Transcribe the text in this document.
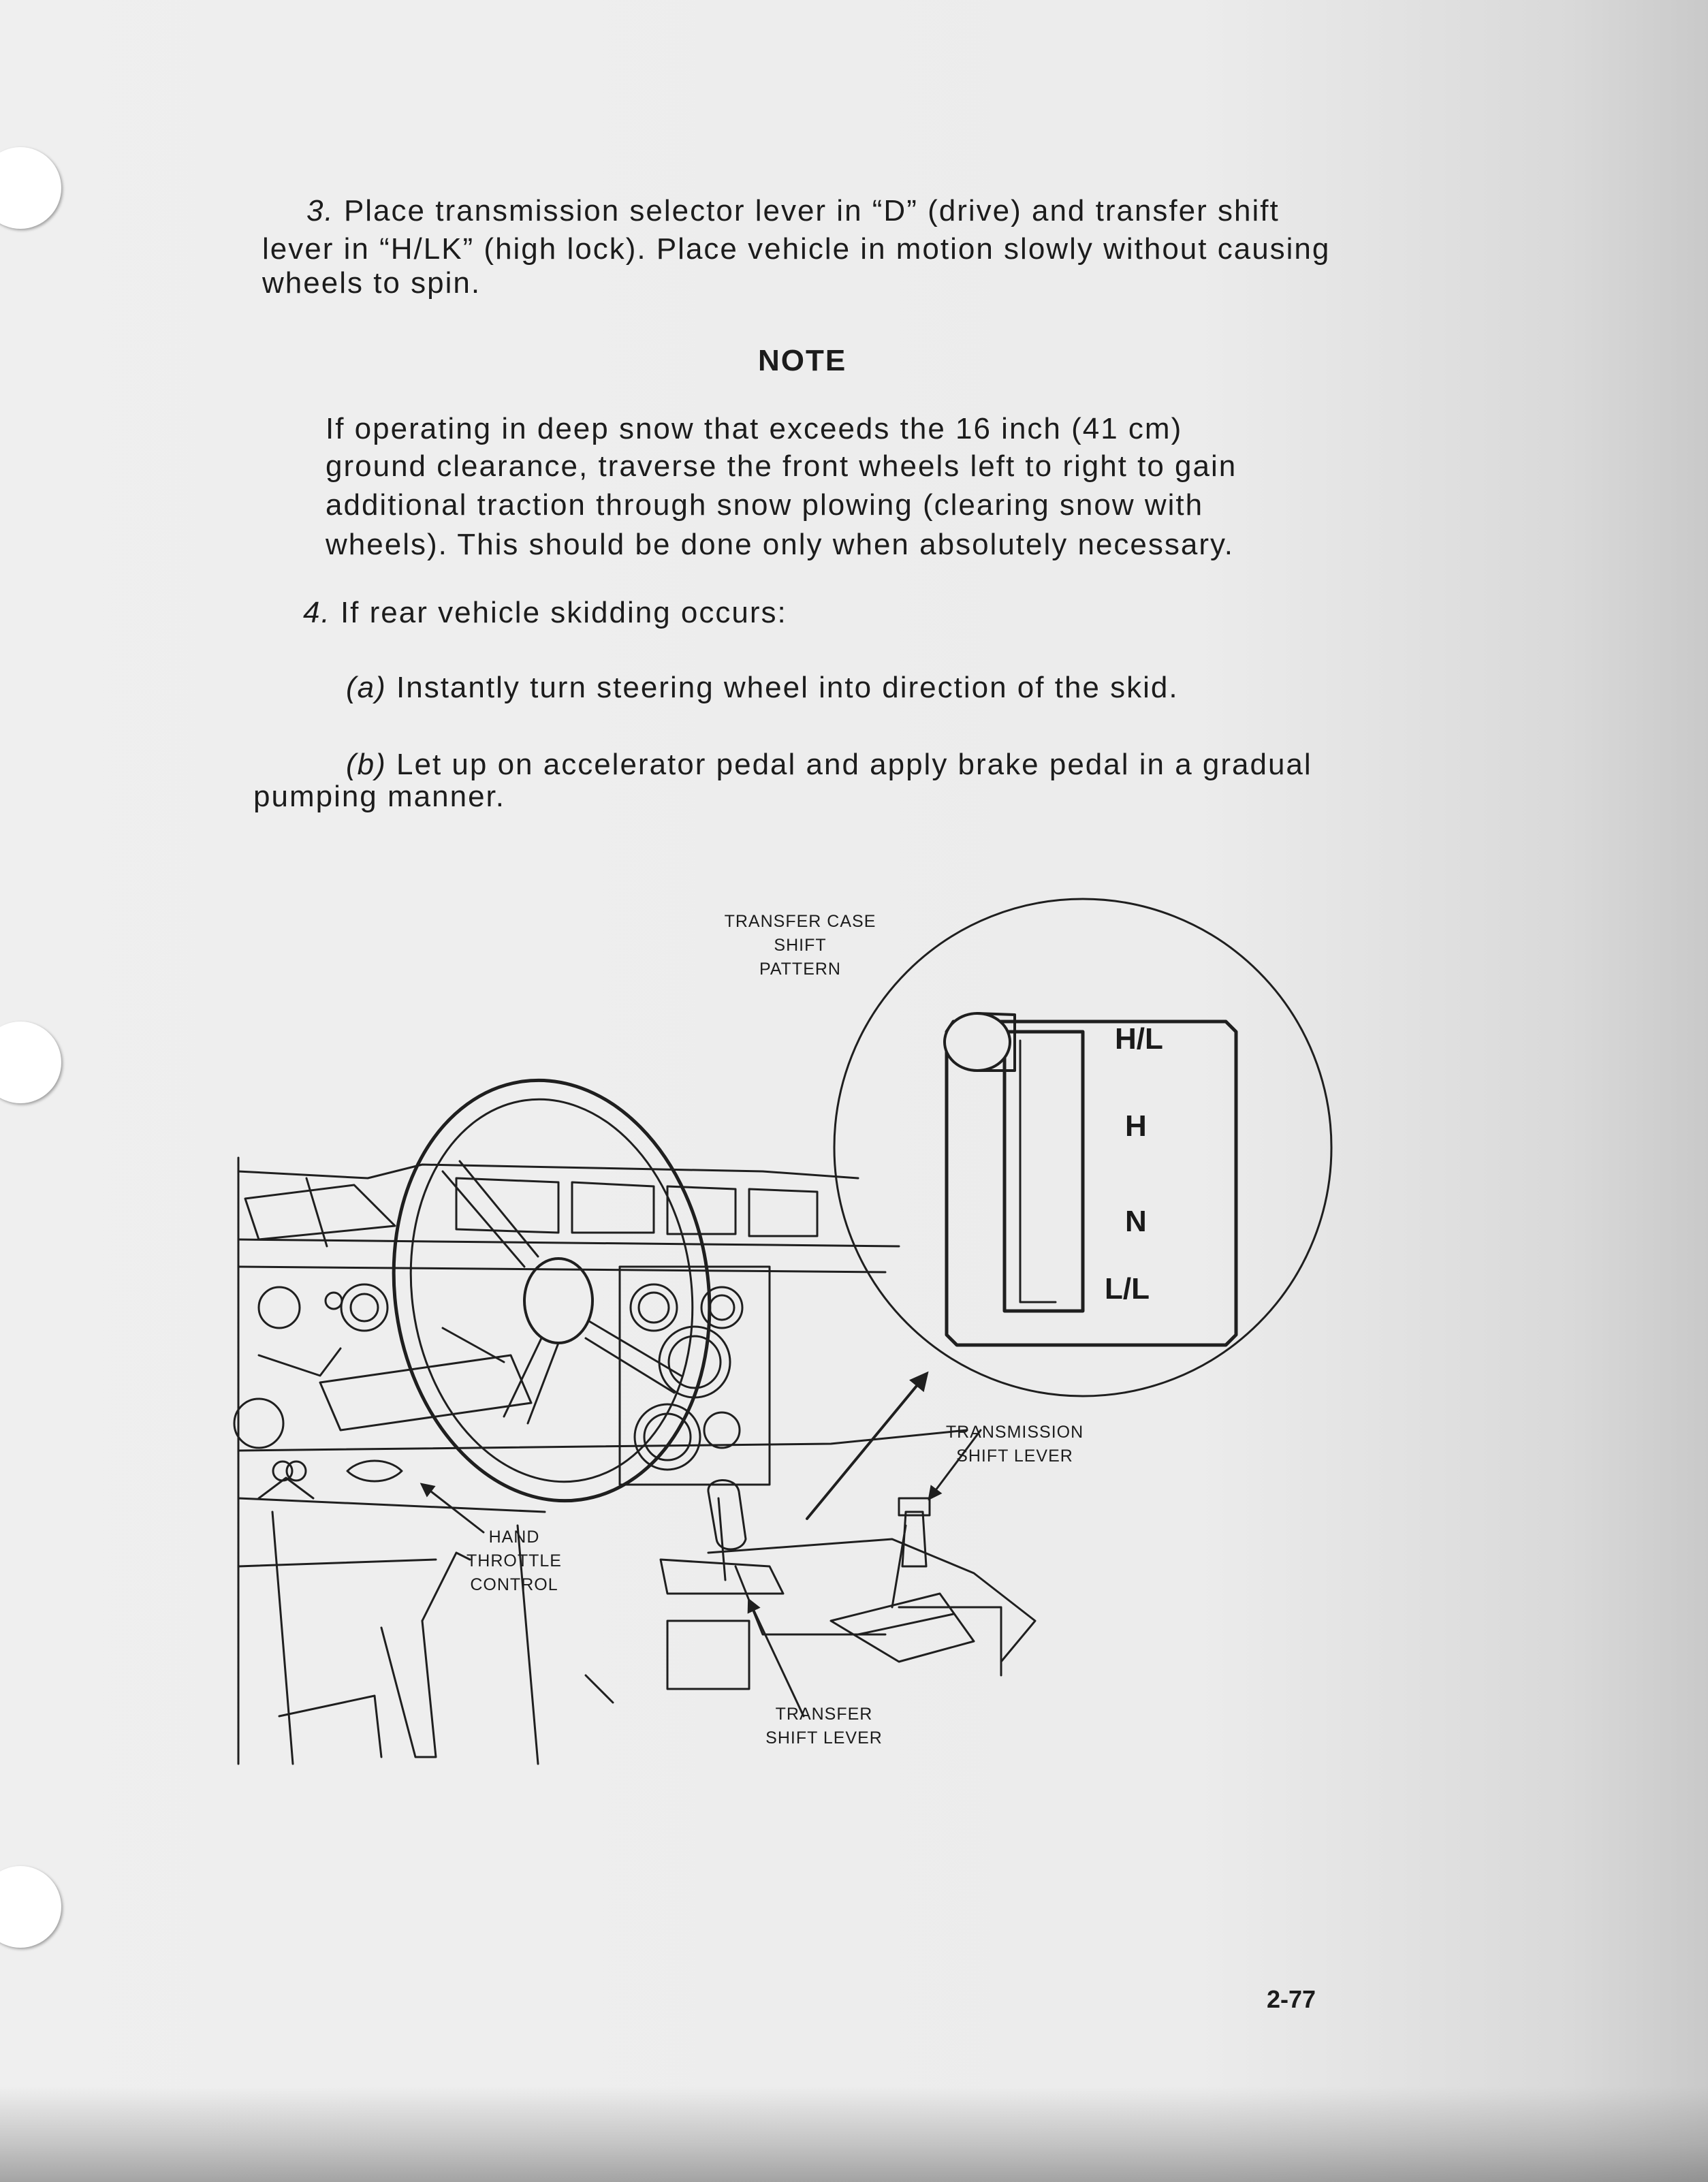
3. Place transmission selector lever in “D” (drive) and transfer shift
lever in “H/LK” (high lock). Place vehicle in motion slowly without causing
wheels to spin.
NOTE
If operating in deep snow that exceeds the 16 inch (41 cm)
ground clearance, traverse the front wheels left to right to gain
additional traction through snow plowing (clearing snow with
wheels). This should be done only when absolutely necessary.
4. If rear vehicle skidding occurs:
(a) Instantly turn steering wheel into direction of the skid.
(b) Let up on accelerator pedal and apply brake pedal in a gradual
pumping manner.
H/L
H
N
L/L
TRANSFER CASE
SHIFT
PATTERN
TRANSMISSION
SHIFT LEVER
HAND
THROTTLE
CONTROL
TRANSFER
SHIFT LEVER
2-77
